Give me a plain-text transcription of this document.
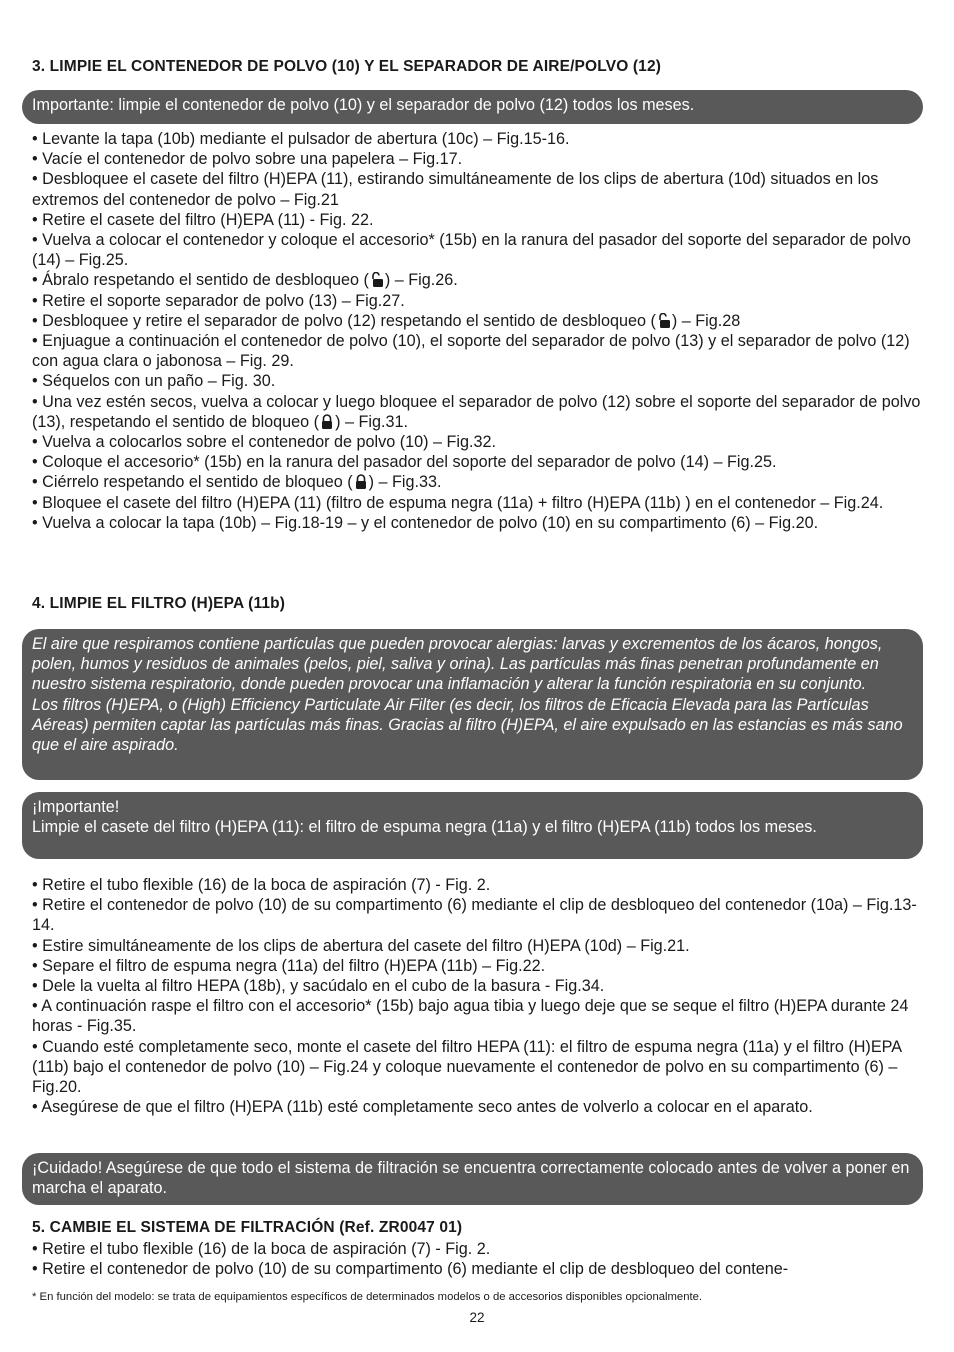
3. LIMPIE EL CONTENEDOR DE POLVO (10) Y EL SEPARADOR DE AIRE/POLVO (12)

Importante: limpie el contenedor de polvo (10) y el separador de polvo (12) todos los meses.

• Levante la tapa (10b) mediante el pulsador de abertura (10c) – Fig.15-16.
• Vacíe el contenedor de polvo sobre una papelera – Fig.17.
• Desbloquee el casete del filtro (H)EPA (11), estirando simultáneamente de los clips de abertura (10d) situados en los extremos del contenedor de polvo – Fig.21
• Retire el casete del filtro (H)EPA (11) - Fig. 22.
• Vuelva a colocar el contenedor y coloque el accesorio* (15b) en la ranura del pasador del soporte del separador de polvo (14) – Fig.25.
• Ábralo respetando el sentido de desbloqueo ( ) – Fig.26.
• Retire el soporte separador de polvo (13) – Fig.27.
• Desbloquee y retire el separador de polvo (12) respetando el sentido de desbloqueo ( ) – Fig.28
• Enjuague a continuación el contenedor de polvo (10), el soporte del separador de polvo (13) y el separador de polvo (12) con agua clara o jabonosa – Fig. 29.
• Séquelos con un paño – Fig. 30.
• Una vez estén secos, vuelva a colocar y luego bloquee el separador de polvo (12) sobre el soporte del separador de polvo (13), respetando el sentido de bloqueo ( ) – Fig.31.
• Vuelva a colocarlos sobre el contenedor de polvo (10) – Fig.32.
• Coloque el accesorio* (15b) en la ranura del pasador del soporte del separador de polvo (14) – Fig.25.
• Ciérrelo respetando el sentido de bloqueo ( ) – Fig.33.
• Bloquee el casete del filtro (H)EPA (11) (filtro de espuma negra (11a) + filtro (H)EPA (11b) ) en el contenedor – Fig.24.
• Vuelva a colocar la tapa (10b) – Fig.18-19 – y el contenedor de polvo (10) en su compartimento (6) – Fig.20.
4. LIMPIE EL FILTRO (H)EPA (11b)

El aire que respiramos contiene partículas que pueden provocar alergias: larvas y excrementos de los ácaros, hongos, polen, humos y residuos de animales (pelos, piel, saliva y orina). Las partículas más finas penetran profundamente en nuestro sistema respiratorio, donde pueden provocar una inflamación y alterar la función respiratoria en su conjunto.

Los filtros (H)EPA, o (High) Efficiency Particulate Air Filter (es decir, los filtros de Eficacia Elevada para las Partículas Aéreas) permiten captar las partículas más finas. Gracias al filtro (H)EPA, el aire expulsado en las estancias es más sano que el aire aspirado.

¡Importante!

Limpie el casete del filtro (H)EPA (11): el filtro de espuma negra (11a) y el filtro (H)EPA (11b) todos los meses.

• Retire el tubo flexible (16) de la boca de aspiración (7) - Fig. 2.
• Retire el contenedor de polvo (10) de su compartimento (6) mediante el clip de desbloqueo del contenedor (10a) – Fig.13-14.
• Estire simultáneamente de los clips de abertura del casete del filtro (H)EPA (10d) – Fig.21.
• Separe el filtro de espuma negra (11a) del filtro (H)EPA (11b) – Fig.22.
• Dele la vuelta al filtro HEPA (18b), y sacúdalo en el cubo de la basura - Fig.34.
• A continuación raspe el filtro con el accesorio* (15b) bajo agua tibia y luego deje que se seque el filtro (H)EPA durante 24 horas - Fig.35.
• Cuando esté completamente seco, monte el casete del filtro HEPA (11): el filtro de espuma negra (11a) y el filtro (H)EPA (11b) bajo el contenedor de polvo (10) – Fig.24 y coloque nuevamente el contenedor de polvo en su compartimento (6) – Fig.20.
• Asegúrese de que el filtro (H)EPA (11b) esté completamente seco antes de volverlo a colocar en el aparato.

¡Cuidado! Asegúrese de que todo el sistema de filtración se encuentra correctamente colocado antes de volver a poner en marcha el aparato.

5. CAMBIE EL SISTEMA DE FILTRACIÓN (Ref. ZR0047 01)
• Retire el tubo flexible (16) de la boca de aspiración (7) - Fig. 2.
• Retire el contenedor de polvo (10) de su compartimento (6) mediante el clip de desbloqueo del contene-

* En función del modelo: se trata de equipamientos específicos de determinados modelos o de accesorios disponibles opcionalmente.

22
